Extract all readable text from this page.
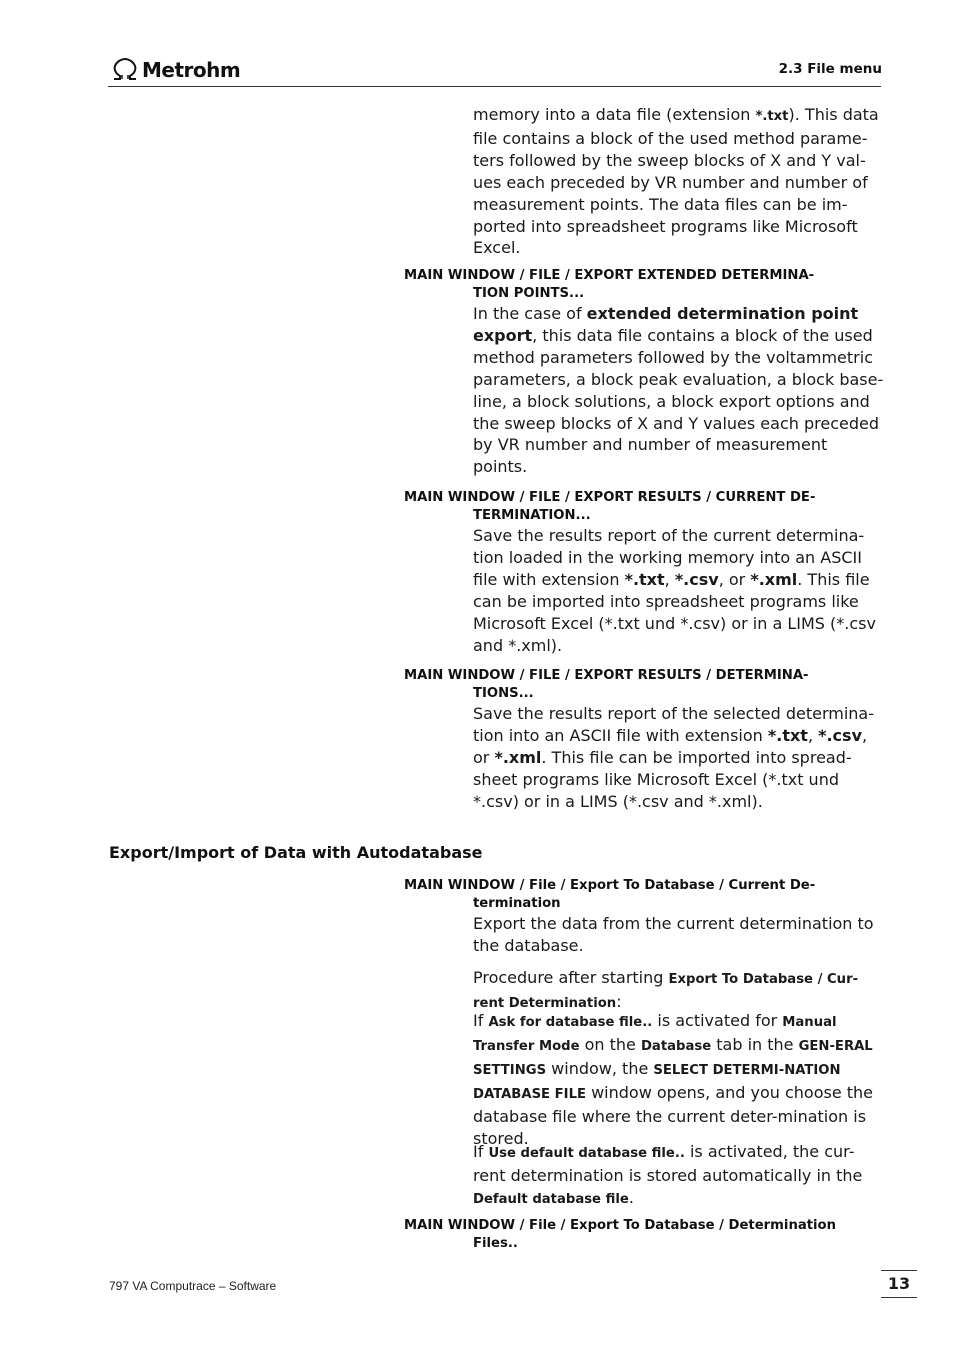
Metrohm	2.3 File menu
memory into a data file (extension *.txt). This data file contains a block of the used method parame-ters followed by the sweep blocks of X and Y val-ues each preceded by VR number and number of measurement points. The data files can be im-ported into spreadsheet programs like Microsoft Excel.
MAIN WINDOW / FILE / EXPORT EXTENDED DETERMINA-
TION POINTS...
In the case of extended determination point export, this data file contains a block of the used method parameters followed by the voltammetric parameters, a block peak evaluation, a block base-line, a block solutions, a block export options and the sweep blocks of X and Y values each preceded by VR number and number of measurement points.
MAIN WINDOW / FILE / EXPORT RESULTS / CURRENT DE-
TERMINATION...
Save the results report of the current determina-tion loaded in the working memory into an ASCII file with extension *.txt, *.csv, or *.xml. This file can be imported into spreadsheet programs like Microsoft Excel (*.txt und *.csv) or in a LIMS (*.csv and *.xml).
MAIN WINDOW / FILE / EXPORT RESULTS / DETERMINA-
TIONS...
Save the results report of the selected determina-tion into an ASCII file with extension *.txt, *.csv, or *.xml. This file can be imported into spread-sheet programs like Microsoft Excel (*.txt und *.csv) or in a LIMS (*.csv and *.xml).
Export/Import of Data with Autodatabase
MAIN WINDOW / File / Export To Database / Current De-
termination
Export the data from the current determination to the database.
Procedure after starting Export To Database / Cur-rent Determination:
If Ask for database file.. is activated for Manual Transfer Mode on the Database tab in the GEN-ERAL SETTINGS window, the SELECT DETERMI-NATION DATABASE FILE window opens, and you choose the database file where the current deter-mination is stored.
If Use default database file.. is activated, the cur-rent determination is stored automatically in the Default database file.
MAIN WINDOW / File / Export To Database / Determination
Files..
797 VA Computrace – Software	13
